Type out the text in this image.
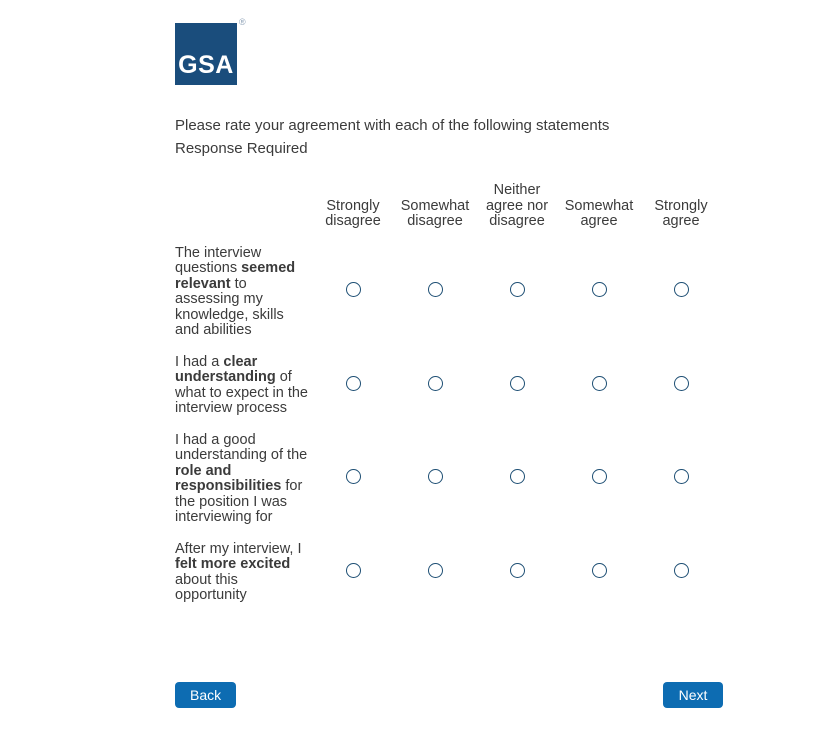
GSA
®
Please rate your agreement with each of the following statements
Response Required
	Strongly disagree	Somewhat disagree	Neither agree nor disagree	Somewhat agree	Strongly agree
The interview questions seemed relevant to assessing my knowledge, skills and abilities					
I had a clear understanding of what to expect in the interview process					
I had a good understanding of the role and responsibilities for the position I was interviewing for					
After my interview, I felt more excited about this opportunity					
Back	Next
